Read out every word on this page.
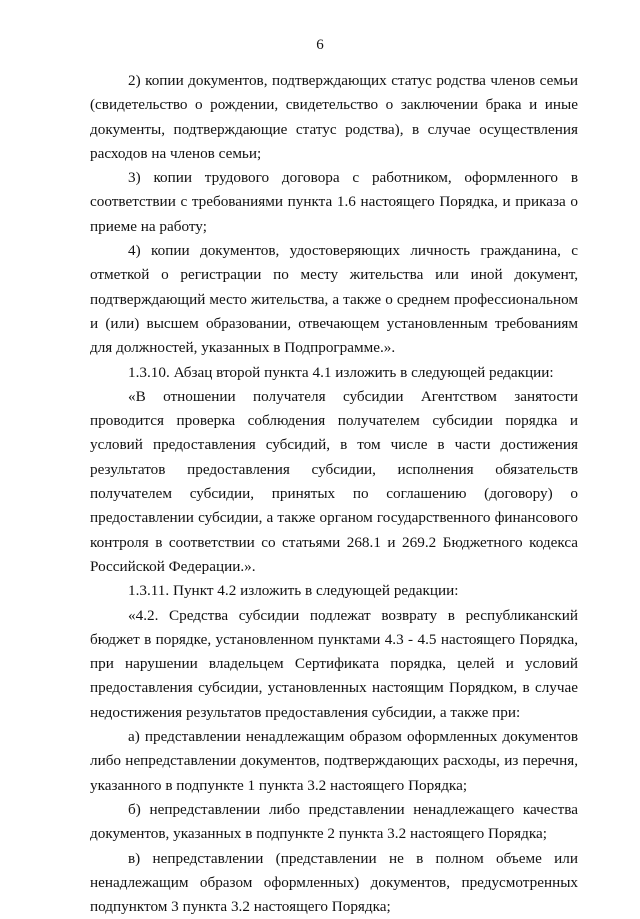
6

2) копии документов, подтверждающих статус родства членов семьи (свидетельство о рождении, свидетельство о заключении брака и иные документы, подтверждающие статус родства), в случае осуществления расходов на членов семьи;

3) копии трудового договора с работником, оформленного в соответствии с требованиями пункта 1.6 настоящего Порядка, и приказа о приеме на работу;

4) копии документов, удостоверяющих личность гражданина, с отметкой о регистрации по месту жительства или иной документ, подтверждающий место жительства, а также о среднем профессиональном и (или) высшем образовании, отвечающем установленным требованиям для должностей, указанных в Подпрограмме.».

1.3.10. Абзац второй пункта 4.1 изложить в следующей редакции:

«В отношении получателя субсидии Агентством занятости проводится проверка соблюдения получателем субсидии порядка и условий предоставления субсидий, в том числе в части достижения результатов предоставления субсидии, исполнения обязательств получателем субсидии, принятых по соглашению (договору) о предоставлении субсидии, а также органом государственного финансового контроля в соответствии со статьями 268.1 и 269.2 Бюджетного кодекса Российской Федерации.».

1.3.11. Пункт 4.2 изложить в следующей редакции:

«4.2. Средства субсидии подлежат возврату в республиканский бюджет в порядке, установленном пунктами 4.3 - 4.5 настоящего Порядка, при нарушении владельцем Сертификата порядка, целей и условий предоставления субсидии, установленных настоящим Порядком, в случае недостижения результатов предоставления субсидии, а также при:

а) представлении ненадлежащим образом оформленных документов либо непредставлении документов, подтверждающих расходы, из перечня, указанного в подпункте 1 пункта 3.2 настоящего Порядка;

б) непредставлении либо представлении ненадлежащего качества документов, указанных в подпункте 2 пункта 3.2 настоящего Порядка;

в) непредставлении (представлении не в полном объеме или ненадлежащим образом оформленных) документов, предусмотренных подпунктом 3 пункта 3.2 настоящего Порядка;
